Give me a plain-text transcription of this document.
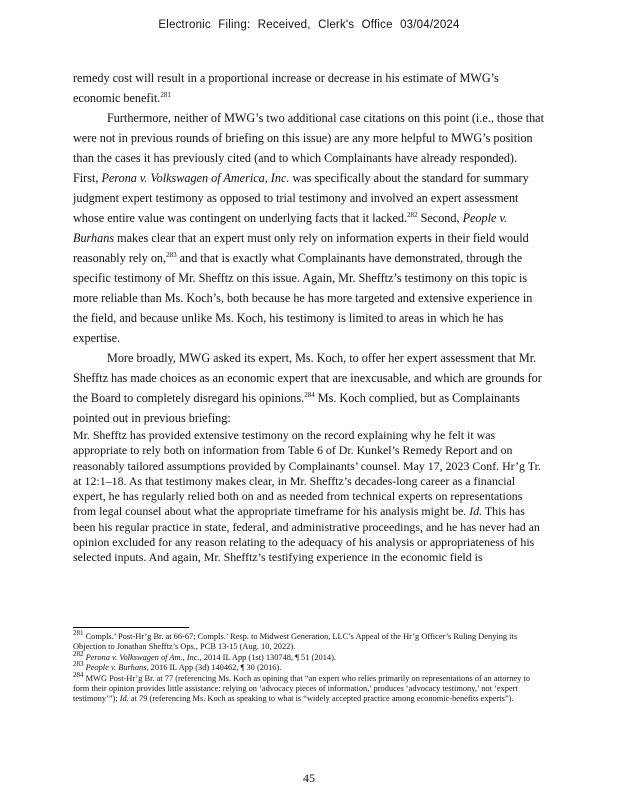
Electronic Filing: Received, Clerk's Office 03/04/2024

remedy cost will result in a proportional increase or decrease in his estimate of MWG’s economic benefit.$^{281}$

Furthermore, neither of MWG’s two additional case citations on this point (i.e., those that were not in previous rounds of briefing on this issue) are any more helpful to MWG’s position than the cases it has previously cited (and to which Complainants have already responded). First, Perona v. Volkswagen of America, Inc. was specifically about the standard for summary judgment expert testimony as opposed to trial testimony and involved an expert assessment whose entire value was contingent on underlying facts that it lacked.$^{282}$ Second, People v. Burhans makes clear that an expert must only rely on information experts in their field would reasonably rely on,$^{283}$ and that is exactly what Complainants have demonstrated, through the specific testimony of Mr. Shefftz on this issue. Again, Mr. Shefftz’s testimony on this topic is more reliable than Ms. Koch’s, both because he has more targeted and extensive experience in the field, and because unlike Ms. Koch, his testimony is limited to areas in which he has expertise.

More broadly, MWG asked its expert, Ms. Koch, to offer her expert assessment that Mr. Shefftz has made choices as an economic expert that are inexcusable, and which are grounds for the Board to completely disregard his opinions.$^{284}$ Ms. Koch complied, but as Complainants pointed out in previous briefing:

Mr. Shefftz has provided extensive testimony on the record explaining why he felt it was appropriate to rely both on information from Table 6 of Dr. Kunkel’s Remedy Report and on reasonably tailored assumptions provided by Complainants’ counsel. May 17, 2023 Conf. Hr’g Tr. at 12:1–18. As that testimony makes clear, in Mr. Shefftz’s decades-long career as a financial expert, he has regularly relied both on and as needed from technical experts on representations from legal counsel about what the appropriate timeframe for his analysis might be. Id. This has been his regular practice in state, federal, and administrative proceedings, and he has never had an opinion excluded for any reason relating to the adequacy of his analysis or appropriateness of his selected inputs. And again, Mr. Shefftz’s testifying experience in the economic field is

$^{281}$ Compls.’ Post-Hr’g Br. at 66-67; Compls.’ Resp. to Midwest Generation, LLC’s Appeal of the Hr’g Officer’s Ruling Denying its Objection to Jonathan Shefftz’s Ops., PCB 13-15 (Aug. 10, 2022).
$^{282}$ Perona v. Volkswagen of Am., Inc., 2014 IL App (1st) 130748, ¶ 51 (2014).
$^{283}$ People v. Burhans, 2016 IL App (3d) 140462, ¶ 30 (2016).
$^{284}$ MWG Post-Hr’g Br. at 77 (referencing Ms. Koch as opining that “an expert who relies primarily on representations of an attorney to form their opinion provides little assistance: relying on ‘advocacy pieces of information,’ produces ‘advocacy testimony,’ not ‘expert testimony’”); Id. at 79 (referencing Ms. Koch as speaking to what is “widely accepted practice among economic-benefits experts”).
45
